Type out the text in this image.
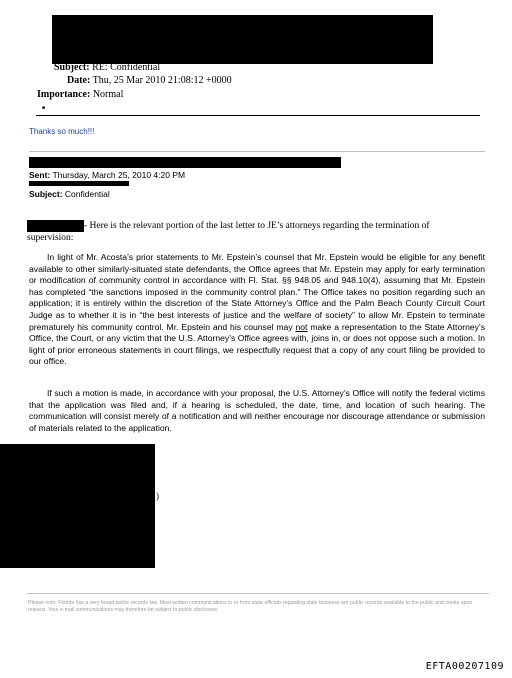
Subject: RE: Confidential
Date: Thu, 25 Mar 2010 21:08:12 +0000
Importance: Normal
■
Thanks so much!!!
Sent: Thursday, March 25, 2010 4:20 PM
Subject: Confidential
- Here is the relevant portion of the last letter to JE’s attorneys regarding the termination of supervision:
In light of Mr. Acosta’s prior statements to Mr. Epstein’s counsel that Mr. Epstein would be eligible for any benefit available to other similarly-situated state defendants, the Office agrees that Mr. Epstein may apply for early termination or modification of community control in accordance with Fl. Stat. §§ 948.05 and 948.10(4), assuming that Mr. Epstein has completed “the sanctions imposed in the community control plan.” The Office takes no position regarding such an application; it is entirely within the discretion of the State Attorney’s Office and the Palm Beach County Circuit Court Judge as to whether it is in “the best interests of justice and the welfare of society” to allow Mr. Epstein to terminate prematurely his community control. Mr. Epstein and his counsel may not make a representation to the State Attorney’s Office, the Court, or any victim that the U.S. Attorney’s Office agrees with, joins in, or does not oppose such a motion. In light of prior erroneous statements in court filings, we respectfully request that a copy of any court filing be provided to our office.
If such a motion is made, in accordance with your proposal, the U.S. Attorney’s Office will notify the federal victims that the application was filed and, if a hearing is scheduled, the date, time, and location of such hearing. The communication will consist merely of a notification and will neither encourage nor discourage attendance or submission of materials related to the application.
)
Please note: Florida has a very broad public records law. Most written communications to or from state officials regarding state business are public records available to the public and media upon request. Your e-mail communications may therefore be subject to public disclosure.
EFTA00207109
